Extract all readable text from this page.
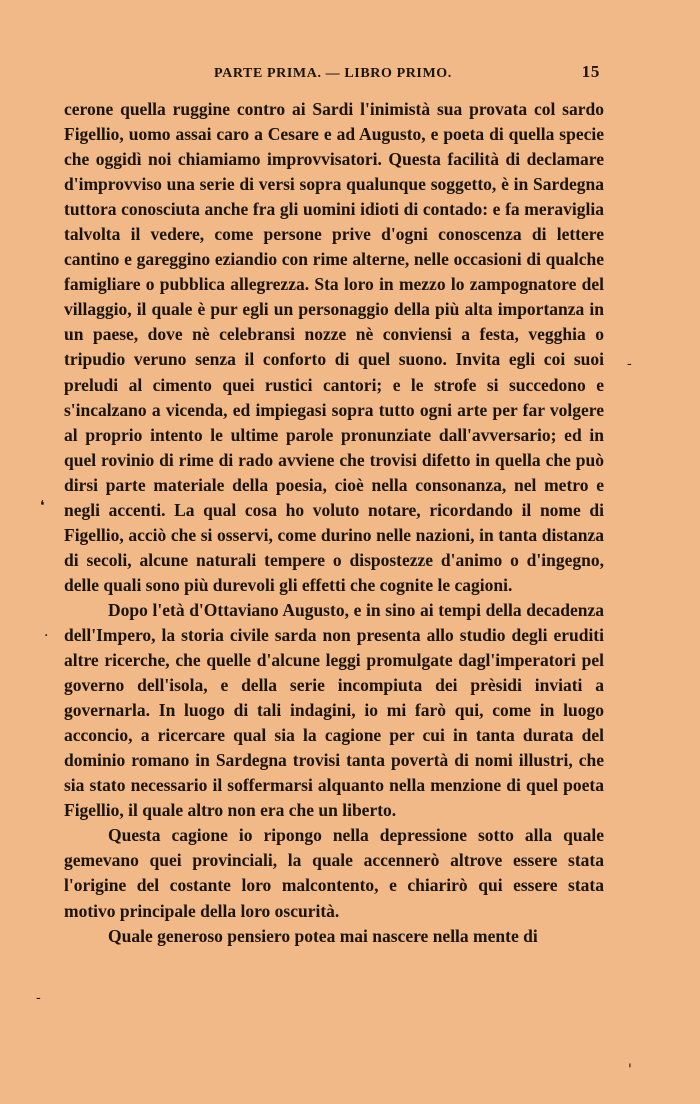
PARTE PRIMA. — LIBRO PRIMO.	15

cerone quella ruggine contro ai Sardi l'inimistà sua provata col sardo Figellio, uomo assai caro a Cesare e ad Augusto, e poeta di quella specie che oggidì noi chiamiamo improvvisatori. Questa facilità di declamare d'improvviso una serie di versi sopra qualunque soggetto, è in Sardegna tuttora conosciuta anche fra gli uomini idioti di contado: e fa meraviglia talvolta il vedere, come persone prive d'ogni conoscenza di lettere cantino e gareggino eziandio con rime alterne, nelle occasioni di qualche famigliare o pubblica allegrezza. Sta loro in mezzo lo zampognatore del villaggio, il quale è pur egli un personaggio della più alta importanza in un paese, dove nè celebransi nozze nè conviensi a festa, vegghia o tripudio veruno senza il conforto di quel suono. Invita egli coi suoi preludi al cimento quei rustici cantori; e le strofe si succedono e s'incalzano a vicenda, ed impiegasi sopra tutto ogni arte per far volgere al proprio intento le ultime parole pronunziate dall'avversario; ed in quel rovinio di rime di rado avviene che trovisi difetto in quella che può dirsi parte materiale della poesia, cioè nella consonanza, nel metro e negli accenti. La qual cosa ho voluto notare, ricordando il nome di Figellio, acciò che si osservi, come durino nelle nazioni, in tanta distanza di secoli, alcune naturali tempere o dispostezze d'animo o d'ingegno, delle quali sono più durevoli gli effetti che cognite le cagioni.

Dopo l'età d'Ottaviano Augusto, e in sino ai tempi della decadenza dell'Impero, la storia civile sarda non presenta allo studio degli eruditi altre ricerche, che quelle d'alcune leggi promulgate dagl'imperatori pel governo dell'isola, e della serie incompiuta dei prèsidi inviati a governarla. In luogo di tali indagini, io mi farò qui, come in luogo acconcio, a ricercare qual sia la cagione per cui in tanta durata del dominio romano in Sardegna trovisi tanta povertà di nomi illustri, che sia stato necessario il soffermarsi alquanto nella menzione di quel poeta Figellio, il quale altro non era che un liberto.

Questa cagione io ripongo nella depressione sotto alla quale gemevano quei provinciali, la quale accennerò altrove essere stata l'origine del costante loro malcontento, e chiarirò qui essere stata motivo principale della loro oscurità.

Quale generoso pensiero potea mai nascere nella mente di

❛
·
-
-
'
